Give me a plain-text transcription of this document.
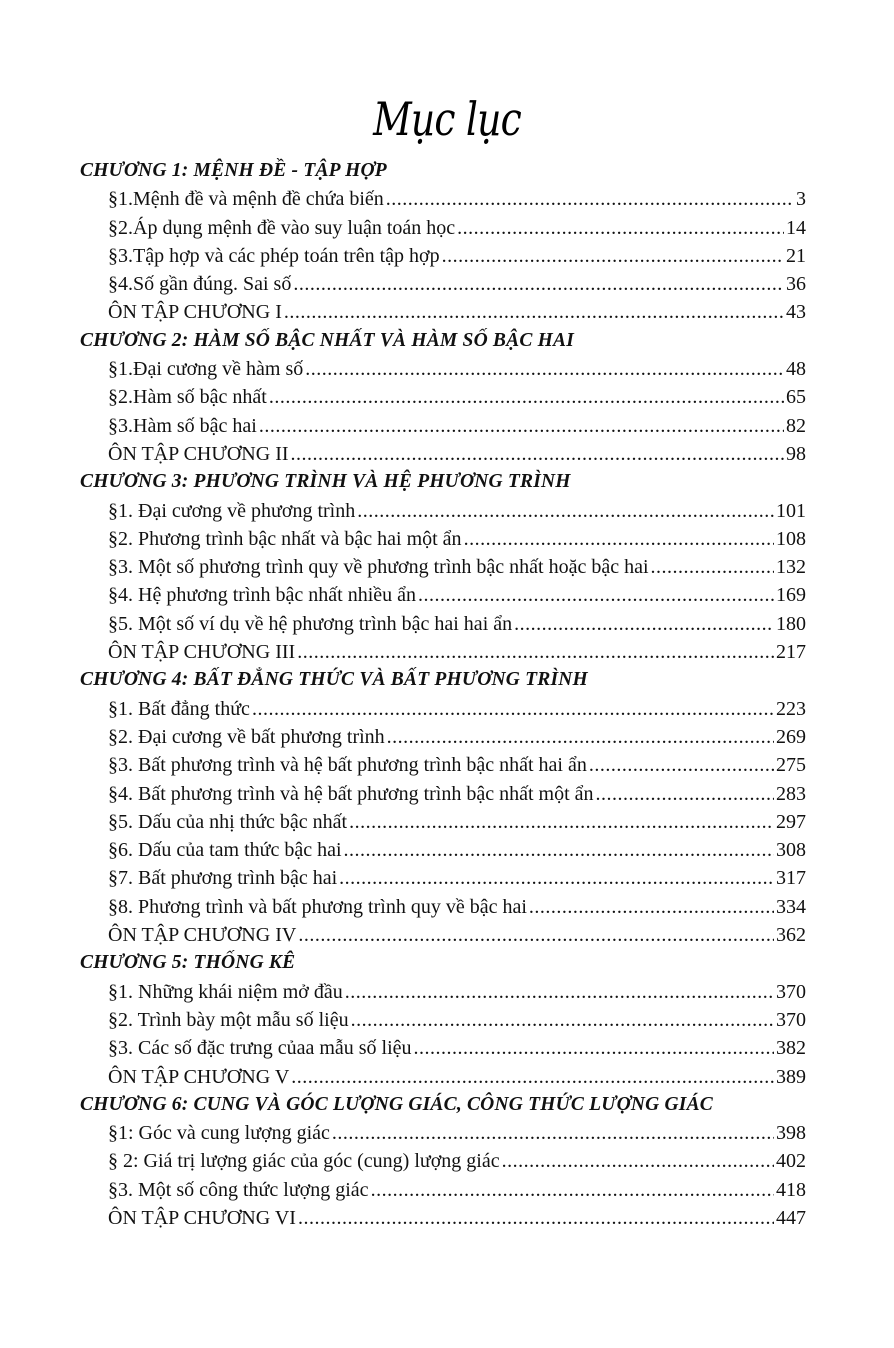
Mục lục
CHƯƠNG 1: MỆNH ĐỀ - TẬP HỢP
§1.Mệnh đề và mệnh đề chứa biến .....	3
§2.Áp dụng mệnh đề vào suy luận toán học .....	14
§3.Tập hợp và các phép toán trên tập hợp .....	21
§4.Số gần đúng. Sai số .....	36
ÔN TẬP CHƯƠNG I .....	43
CHƯƠNG 2: HÀM SỐ BẬC NHẤT VÀ HÀM SỐ BẬC HAI
§1.Đại cương về hàm số .....	48
§2.Hàm số bậc nhất .....	65
§3.Hàm số bậc hai .....	82
ÔN TẬP CHƯƠNG II .....	98
CHƯƠNG 3: PHƯƠNG TRÌNH VÀ HỆ PHƯƠNG TRÌNH
§1. Đại cương về phương trình .....	101
§2. Phương trình bậc nhất và bậc hai một ẩn .....	108
§3. Một số phương trình quy về phương trình bậc nhất hoặc bậc hai .....	132
§4. Hệ phương trình bậc nhất nhiều ẩn .....	169
§5. Một số ví dụ về hệ phương trình bậc hai hai ẩn .....	180
ÔN TẬP CHƯƠNG III .....	217
CHƯƠNG 4: BẤT ĐẲNG THỨC VÀ BẤT PHƯƠNG TRÌNH
§1. Bất đẳng thức .....	223
§2. Đại cương về bất phương trình .....	269
§3. Bất phương trình và hệ bất phương trình bậc nhất hai ẩn .....	275
§4. Bất phương trình và hệ bất phương trình bậc nhất một ẩn .....	283
§5. Dấu của nhị thức bậc nhất .....	297
§6. Dấu của tam thức bậc hai .....	308
§7. Bất phương trình bậc hai .....	317
§8. Phương trình và bất phương trình quy về bậc hai .....	334
ÔN TẬP CHƯƠNG IV .....	362
CHƯƠNG 5: THỐNG KÊ
§1. Những khái niệm mở đầu .....	370
§2. Trình bày một mẫu số liệu .....	370
§3. Các số đặc trưng củaa mẫu số liệu .....	382
ÔN TẬP CHƯƠNG V .....	389
CHƯƠNG 6: CUNG VÀ GÓC LƯỢNG GIÁC, CÔNG THỨC LƯỢNG GIÁC
§1: Góc và cung lượng giác .....	398
§ 2: Giá trị lượng giác của góc (cung) lượng giác .....	402
§3. Một số công thức lượng giác .....	418
ÔN TẬP CHƯƠNG VI .....	447
